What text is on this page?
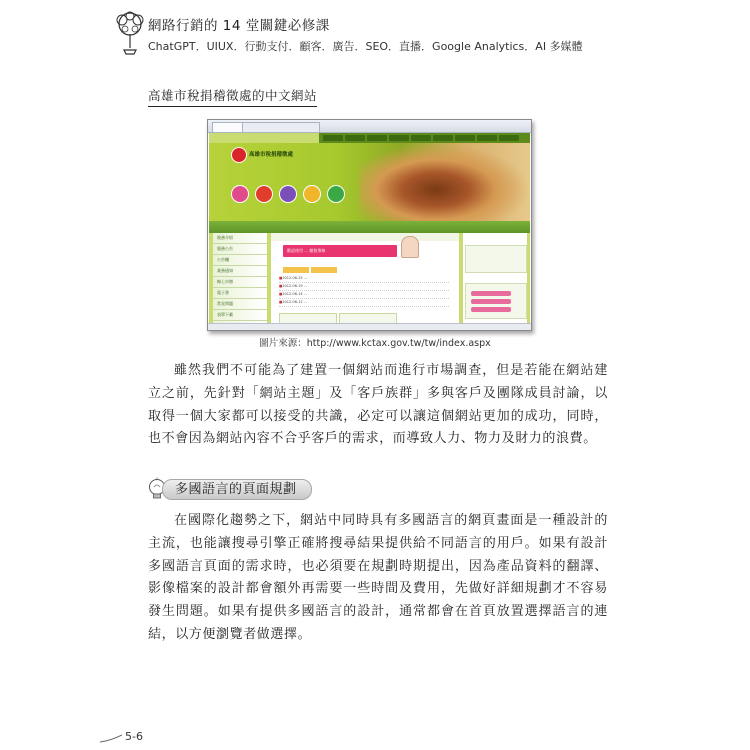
網路行銷的 14 堂關鍵必修課
ChatGPT．UIUX．行動支付．顧客．廣告．SEO．直播．Google Analytics．AI 多媒體
高雄市稅捐稽徵處的中文網站
高雄市稅捐稽徵處
稅務介紹
服務公告
公告欄
業務通知
線上申辦
電子書
常見問題
表單下載
歡迎使用 ... 繳稅專線
■ 2012-06-25 ...
■ 2012-06-19 ...
■ 2012-06-14 ...
■ 2012-06-12 ...
圖片來源：http://www.kctax.gov.tw/tw/index.aspx

雖然我們不可能為了建置一個網站而進行市場調查，但是若能在網站建立之前，先針對「網站主題」及「客戶族群」多與客戶及團隊成員討論，以取得一個大家都可以接受的共識，必定可以讓這個網站更加的成功，同時，也不會因為網站內容不合乎客戶的需求，而導致人力、物力及財力的浪費。

多國語言的頁面規劃

在國際化趨勢之下，網站中同時具有多國語言的網頁畫面是一種設計的主流，也能讓搜尋引擎正確將搜尋結果提供給不同語言的用戶。如果有設計多國語言頁面的需求時，也必須要在規劃時期提出，因為產品資料的翻譯、影像檔案的設計都會額外再需要一些時間及費用，先做好詳細規劃才不容易發生問題。如果有提供多國語言的設計，通常都會在首頁放置選擇語言的連結，以方便瀏覽者做選擇。

5-6
